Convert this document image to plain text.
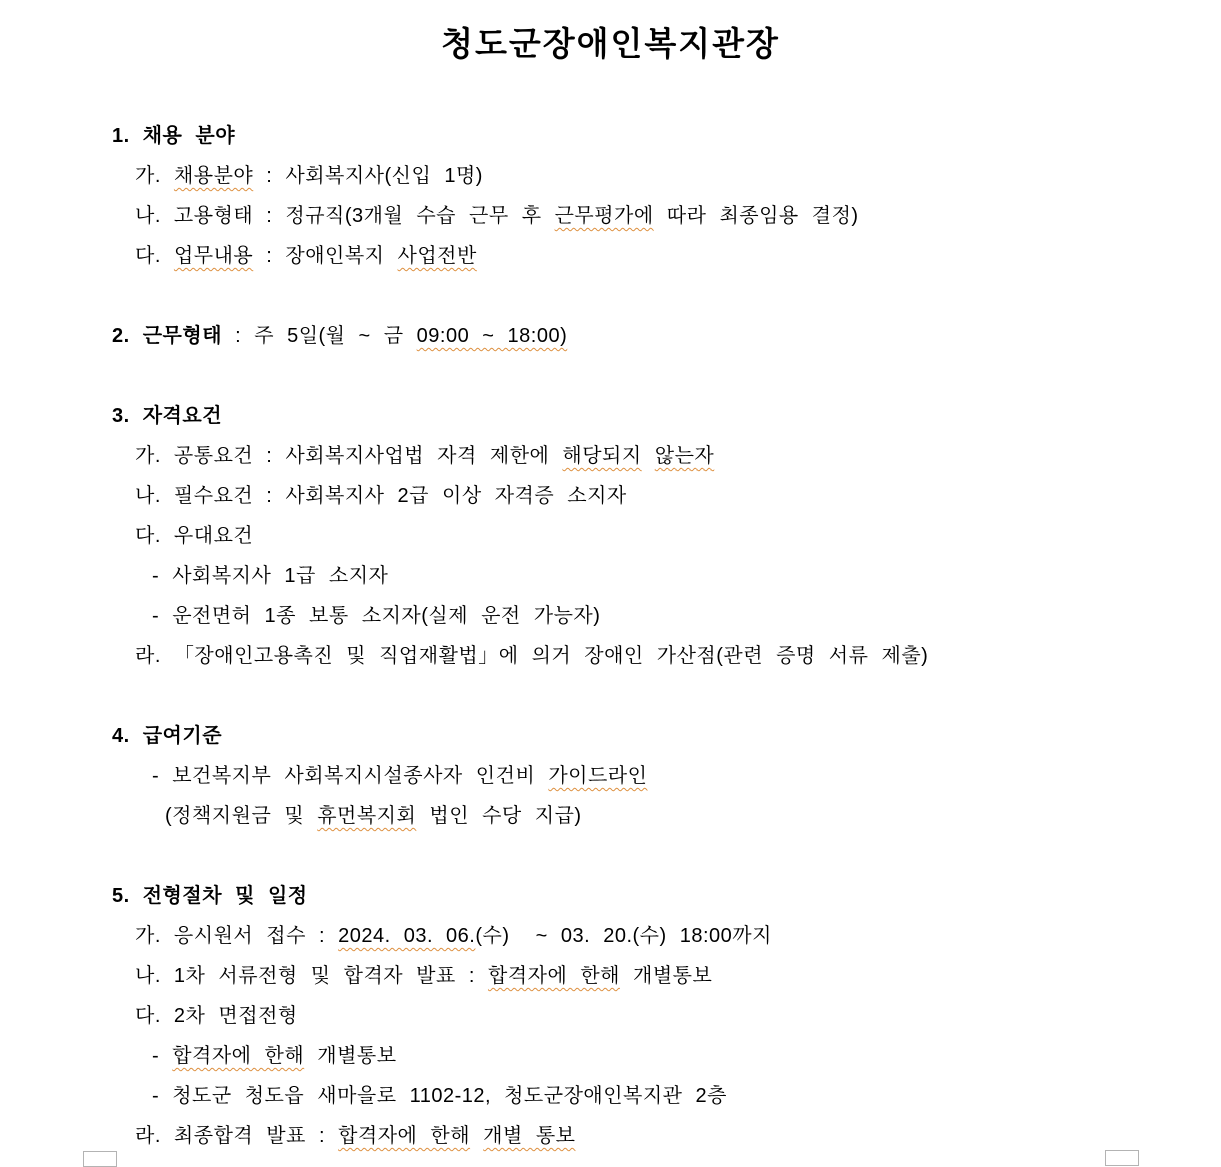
청도군장애인복지관장
1. 채용 분야
가. 채용분야 : 사회복지사(신입 1명)
나. 고용형태 : 정규직(3개월 수습 근무 후 근무평가에 따라 최종임용 결정)
다. 업무내용 : 장애인복지 사업전반
2. 근무형태 : 주 5일(월 ~ 금 09:00 ~ 18:00)
3. 자격요건
가. 공통요건 : 사회복지사업법 자격 제한에 해당되지 않는자
나. 필수요건 : 사회복지사 2급 이상 자격증 소지자
다. 우대요건
- 사회복지사 1급 소지자
- 운전면허 1종 보통 소지자(실제 운전 가능자)
라. 「장애인고용촉진 및 직업재활법」에 의거 장애인 가산점(관련 증명 서류 제출)
4. 급여기준
- 보건복지부 사회복지시설종사자 인건비 가이드라인
(정책지원금 및 휴먼복지회 법인 수당 지급)
5. 전형절차 및 일정
가. 응시원서 접수 : 2024. 03. 06.(수)  ~ 03. 20.(수) 18:00까지
나. 1차 서류전형 및 합격자 발표 : 합격자에 한해 개별통보
다. 2차 면접전형
- 합격자에 한해 개별통보
- 청도군 청도읍 새마을로 1102-12, 청도군장애인복지관 2층
라. 최종합격 발표 : 합격자에 한해 개별 통보
